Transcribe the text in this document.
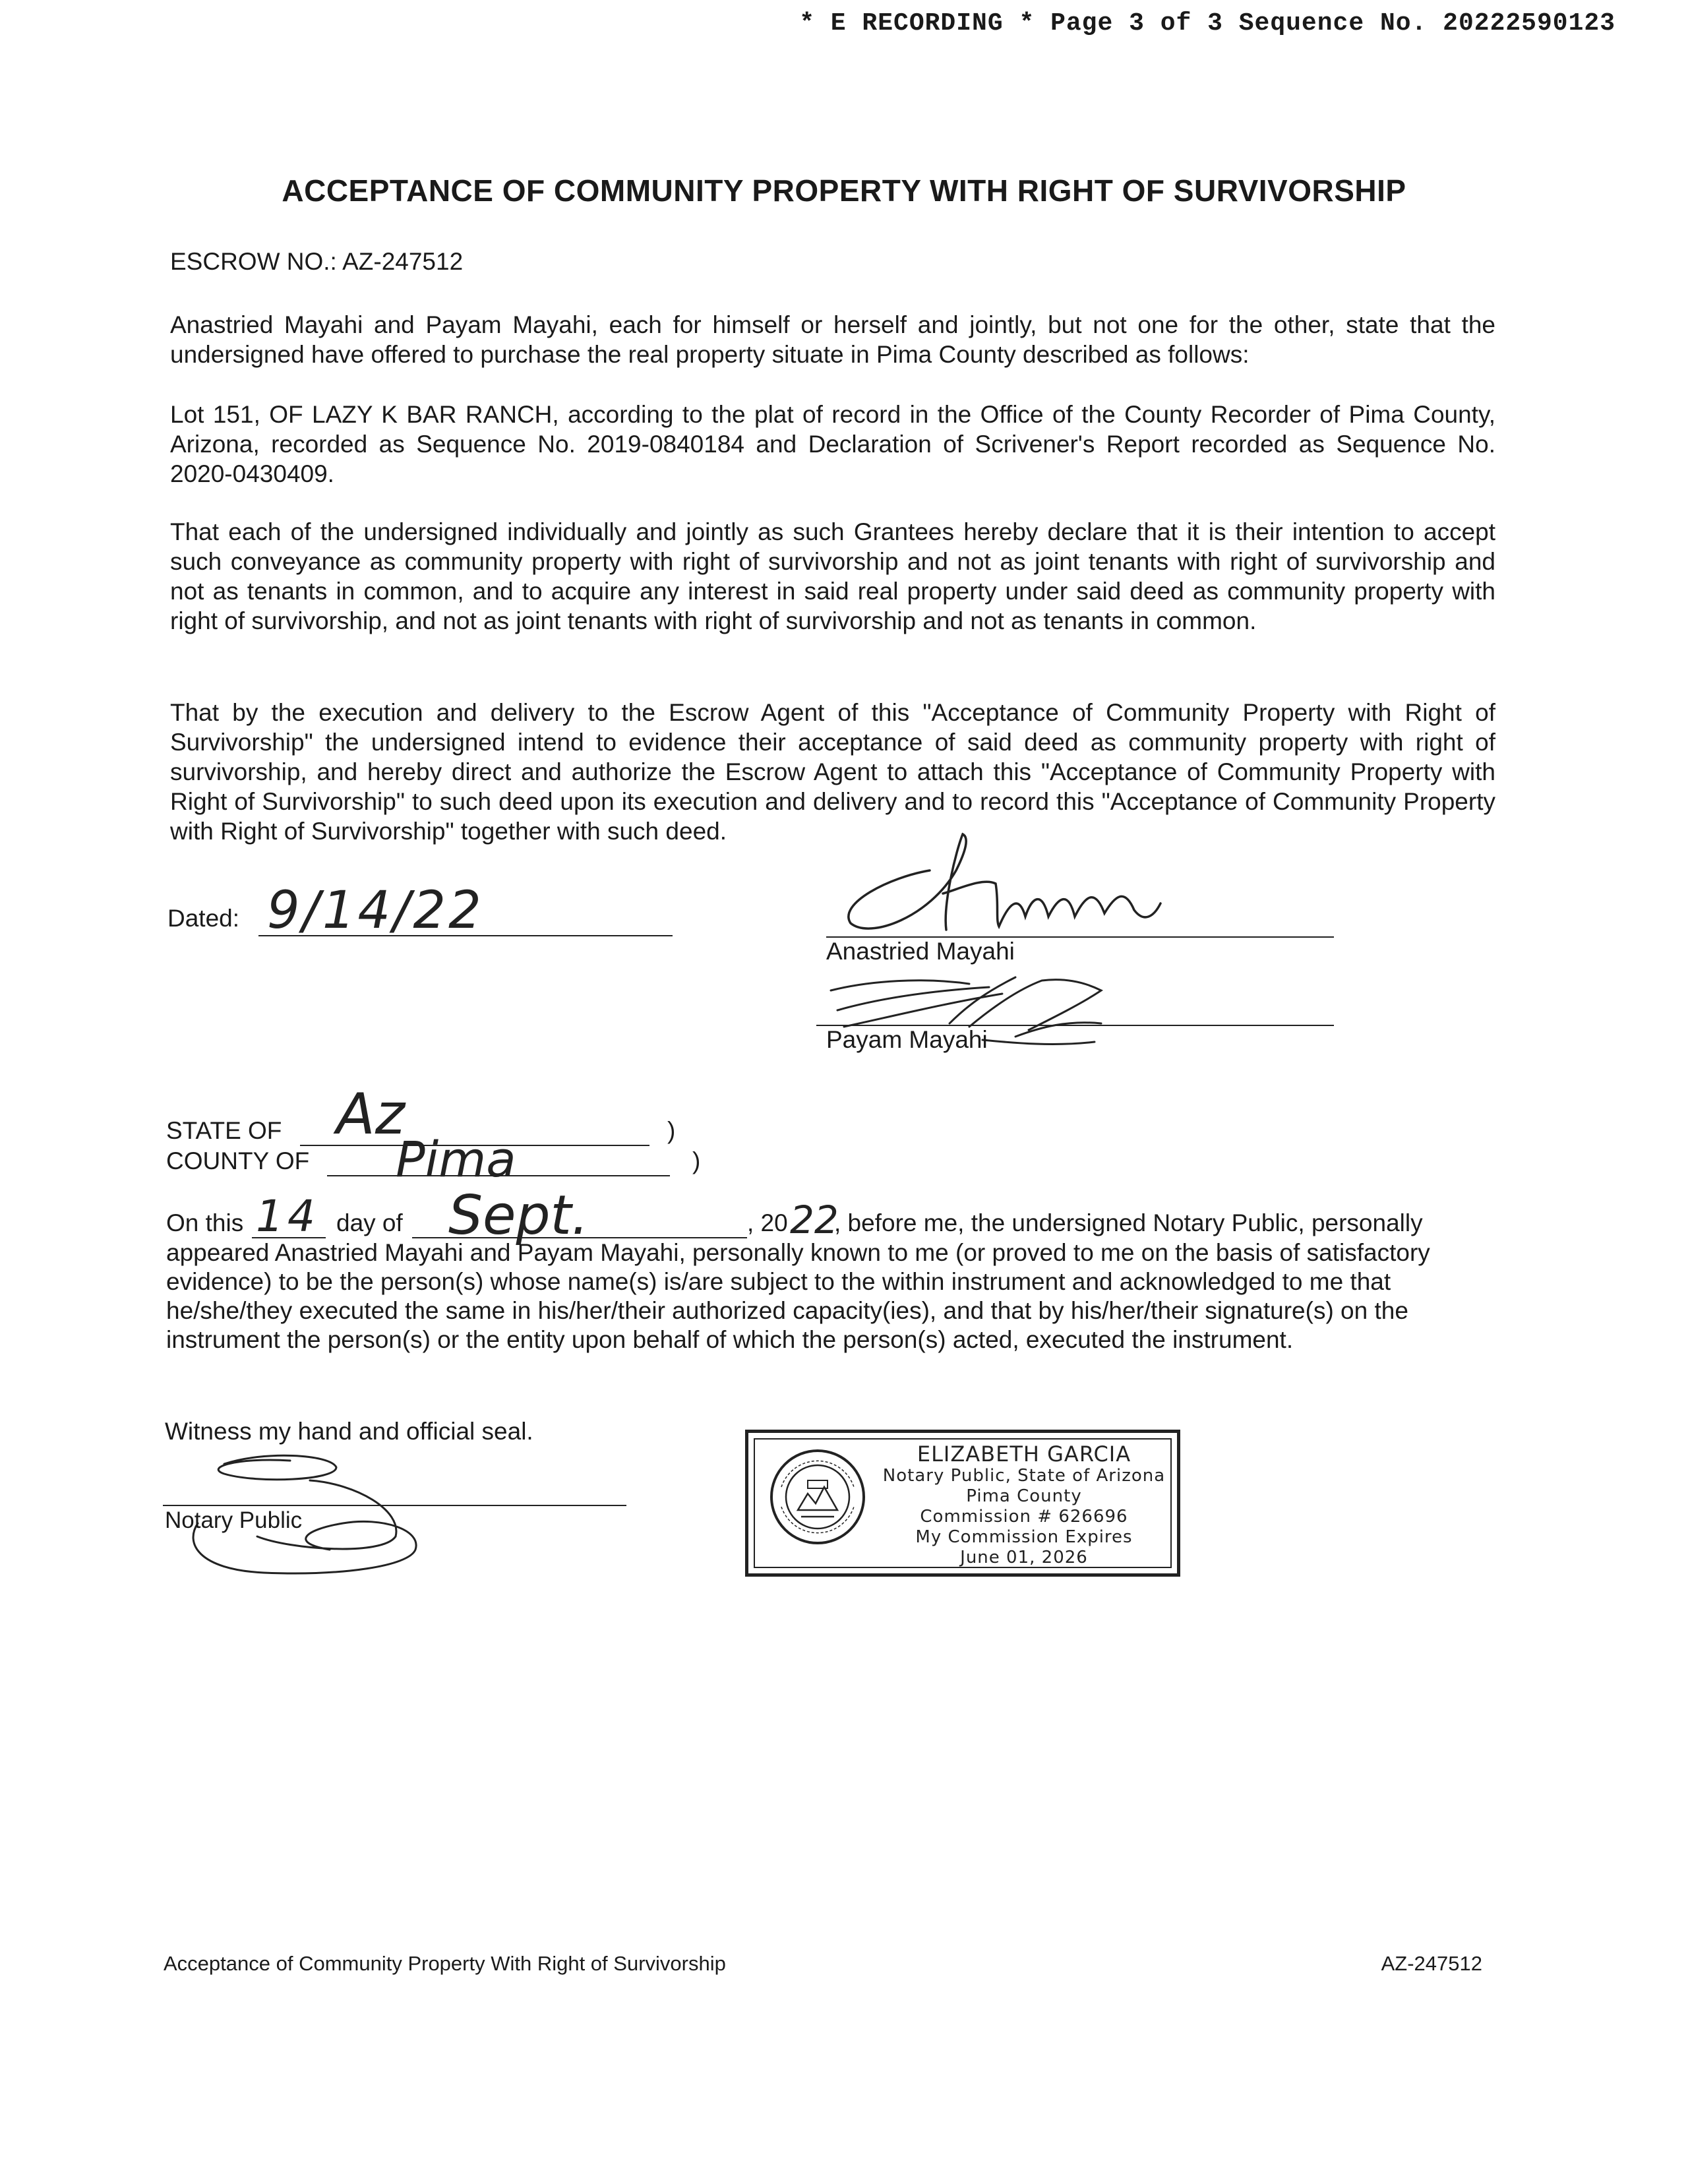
* E RECORDING * Page 3 of 3 Sequence No. 20222590123
ACCEPTANCE OF COMMUNITY PROPERTY WITH RIGHT OF SURVIVORSHIP
ESCROW NO.: AZ-247512

Anastried Mayahi and Payam Mayahi, each for himself or herself and jointly, but not one for the other, state that the undersigned have offered to purchase the real property situate in Pima County described as follows:

Lot 151, OF LAZY K BAR RANCH, according to the plat of record in the Office of the County Recorder of Pima County, Arizona, recorded as Sequence No. 2019-0840184 and Declaration of Scrivener's Report recorded as Sequence No. 2020-0430409.

That each of the undersigned individually and jointly as such Grantees hereby declare that it is their intention to accept such conveyance as community property with right of survivorship and not as joint tenants with right of survivorship and not as tenants in common, and to acquire any interest in said real property under said deed as community property with right of survivorship, and not as joint tenants with right of survivorship and not as tenants in common.

That by the execution and delivery to the Escrow Agent of this "Acceptance of Community Property with Right of Survivorship" the undersigned intend to evidence their acceptance of said deed as community property with right of survivorship, and hereby direct and authorize the Escrow Agent to attach this "Acceptance of Community Property with Right of Survivorship" to such deed upon its execution and delivery and to record this "Acceptance of Community Property with Right of Survivorship" together with such deed.

Dated: 9/14/22
Anastried Mayahi
Payam Mayahi
STATE OF Az	)
COUNTY OF Pima	)
On this 14 day of Sept.	, 20 22
, before me, the undersigned Notary Public, personally

appeared Anastried Mayahi and Payam Mayahi, personally known to me (or proved to me on the basis of satisfactory evidence) to be the person(s) whose name(s) is/are subject to the within instrument and acknowledged to me that he/she/they executed the same in his/her/their authorized capacity(ies), and that by his/her/their signature(s) on the instrument the person(s) or the entity upon behalf of which the person(s) acted, executed the instrument.

Witness my hand and official seal.
Notary Public
ELIZABETH GARCIA
Notary Public, State of Arizona
Pima County
Commission # 626696
My Commission Expires
June 01, 2026
Acceptance of Community Property With Right of Survivorship	AZ-247512
